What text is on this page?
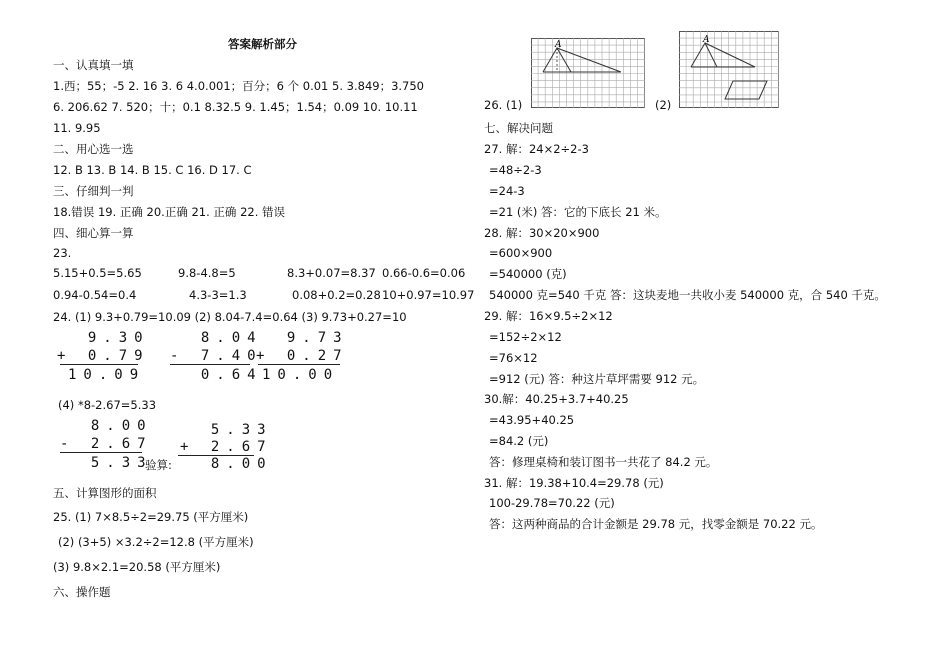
答案解析部分
一、认真填一填
1.西；55；-5 2. 16 3. 6 4.0.001；百分；6 个 0.01 5. 3.849；3.750
6. 206.62 7. 520；十；0.1 8.32.5 9. 1.45；1.54；0.09 10. 10.11
11. 9.95
二、用心选一选
12. B 13. B 14. B 15. C 16. D 17. C
三、仔细判一判
18.错误 19. 正确 20.正确 21. 正确 22. 错误
四、细心算一算
23.
5.15+0.5=5.65	9.8-4.8=5	8.3+0.07=8.37 0.66-0.6=0.06
0.94-0.54=0.4	4.3-3=1.3	0.08+0.2=0.28 10+0.97=10.97
24. (1) 9.3+0.79=10.09 (2) 8.04-7.4=0.64 (3) 9.73+0.27=10
9.30
+ 0.79
10.09
8.04
- 7.40
0.64
9.73
+ 0.27
10.00
(4) *8-2.67=5.33
8.00
- 2.67
5.33
验算:
5.33
+ 2.67
8.00
五、计算图形的面积
25. (1) 7×8.5÷2=29.75 (平方厘米)
(2) (3+5) ×3.2÷2=12.8 (平方厘米)
(3) 9.8×2.1=20.58 (平方厘米)
六、操作题
26. (1)
A
(2)
A
七、解决问题
27. 解：24×2÷2-3
=48÷2-3
=24-3
=21 (米) 答：它的下底长 21 米。
28. 解：30×20×900
=600×900
=540000 (克)
540000 克=540 千克 答：这块麦地一共收小麦 540000 克，合 540 千克。
29. 解：16×9.5÷2×12
=152÷2×12
=76×12
=912 (元) 答：种这片草坪需要 912 元。
30.解：40.25+3.7+40.25
=43.95+40.25
=84.2 (元)
答：修理桌椅和装订图书一共花了 84.2 元。
31. 解：19.38+10.4=29.78 (元)
100-29.78=70.22 (元)
答：这两种商品的合计金额是 29.78 元，找零金额是 70.22 元。
